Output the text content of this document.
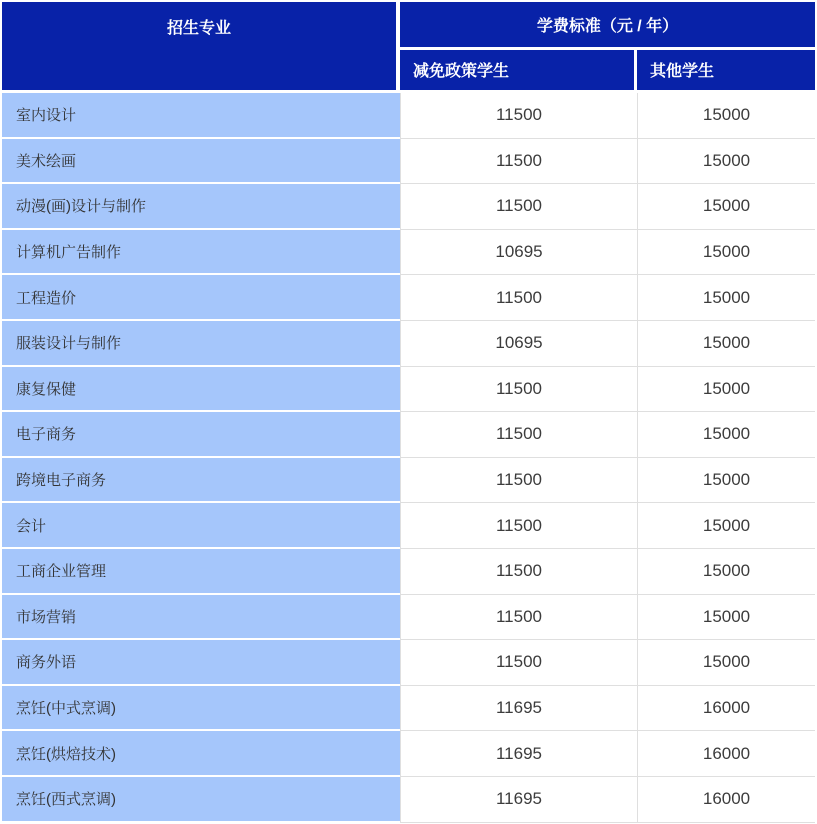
招生专业	学费标准（元 / 年）	
	减免政策学生	其他学生
室内设计	11500	15000
美术绘画	11500	15000
动漫(画)设计与制作	11500	15000
计算机广告制作	10695	15000
工程造价	11500	15000
服装设计与制作	10695	15000
康复保健	11500	15000
电子商务	11500	15000
跨境电子商务	11500	15000
会计	11500	15000
工商企业管理	11500	15000
市场营销	11500	15000
商务外语	11500	15000
烹饪(中式烹调)	11695	16000
烹饪(烘焙技术)	11695	16000
烹饪(西式烹调)	11695	16000
